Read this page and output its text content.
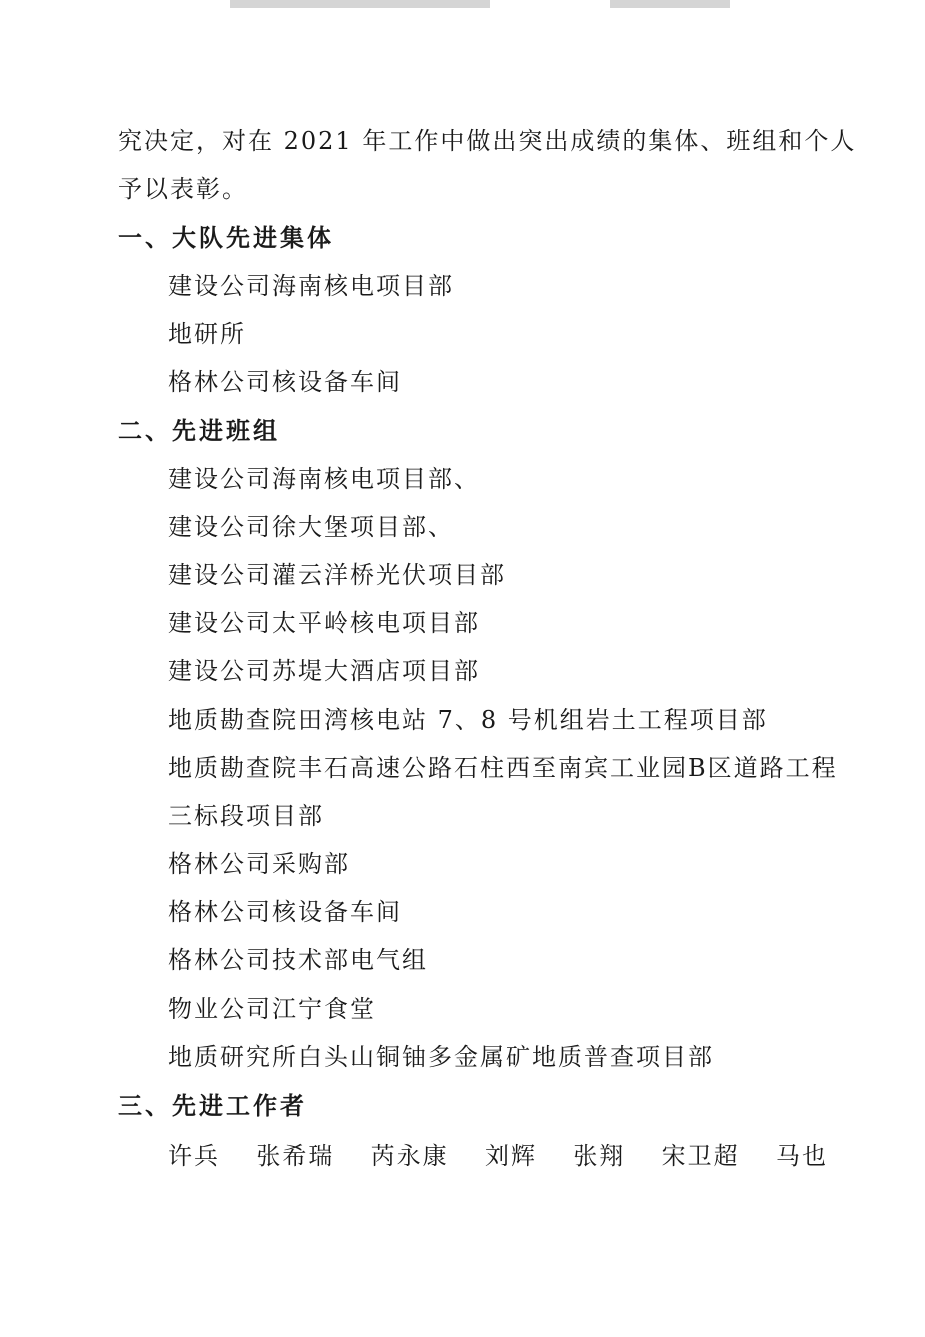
究决定，对在 2021 年工作中做出突出成绩的集体、班组和个人
予以表彰。
一、大队先进集体
建设公司海南核电项目部
地研所
格林公司核设备车间
二、先进班组
建设公司海南核电项目部、
建设公司徐大堡项目部、
建设公司灌云洋桥光伏项目部
建设公司太平岭核电项目部
建设公司苏堤大酒店项目部
地质勘查院田湾核电站 7、8 号机组岩土工程项目部
地质勘查院丰石高速公路石柱西至南宾工业园B区道路工程
三标段项目部
格林公司采购部
格林公司核设备车间
格林公司技术部电气组
物业公司江宁食堂
地质研究所白头山铜铀多金属矿地质普查项目部
三、先进工作者
许兵 张希瑞 芮永康 刘辉 张翔 宋卫超 马也
